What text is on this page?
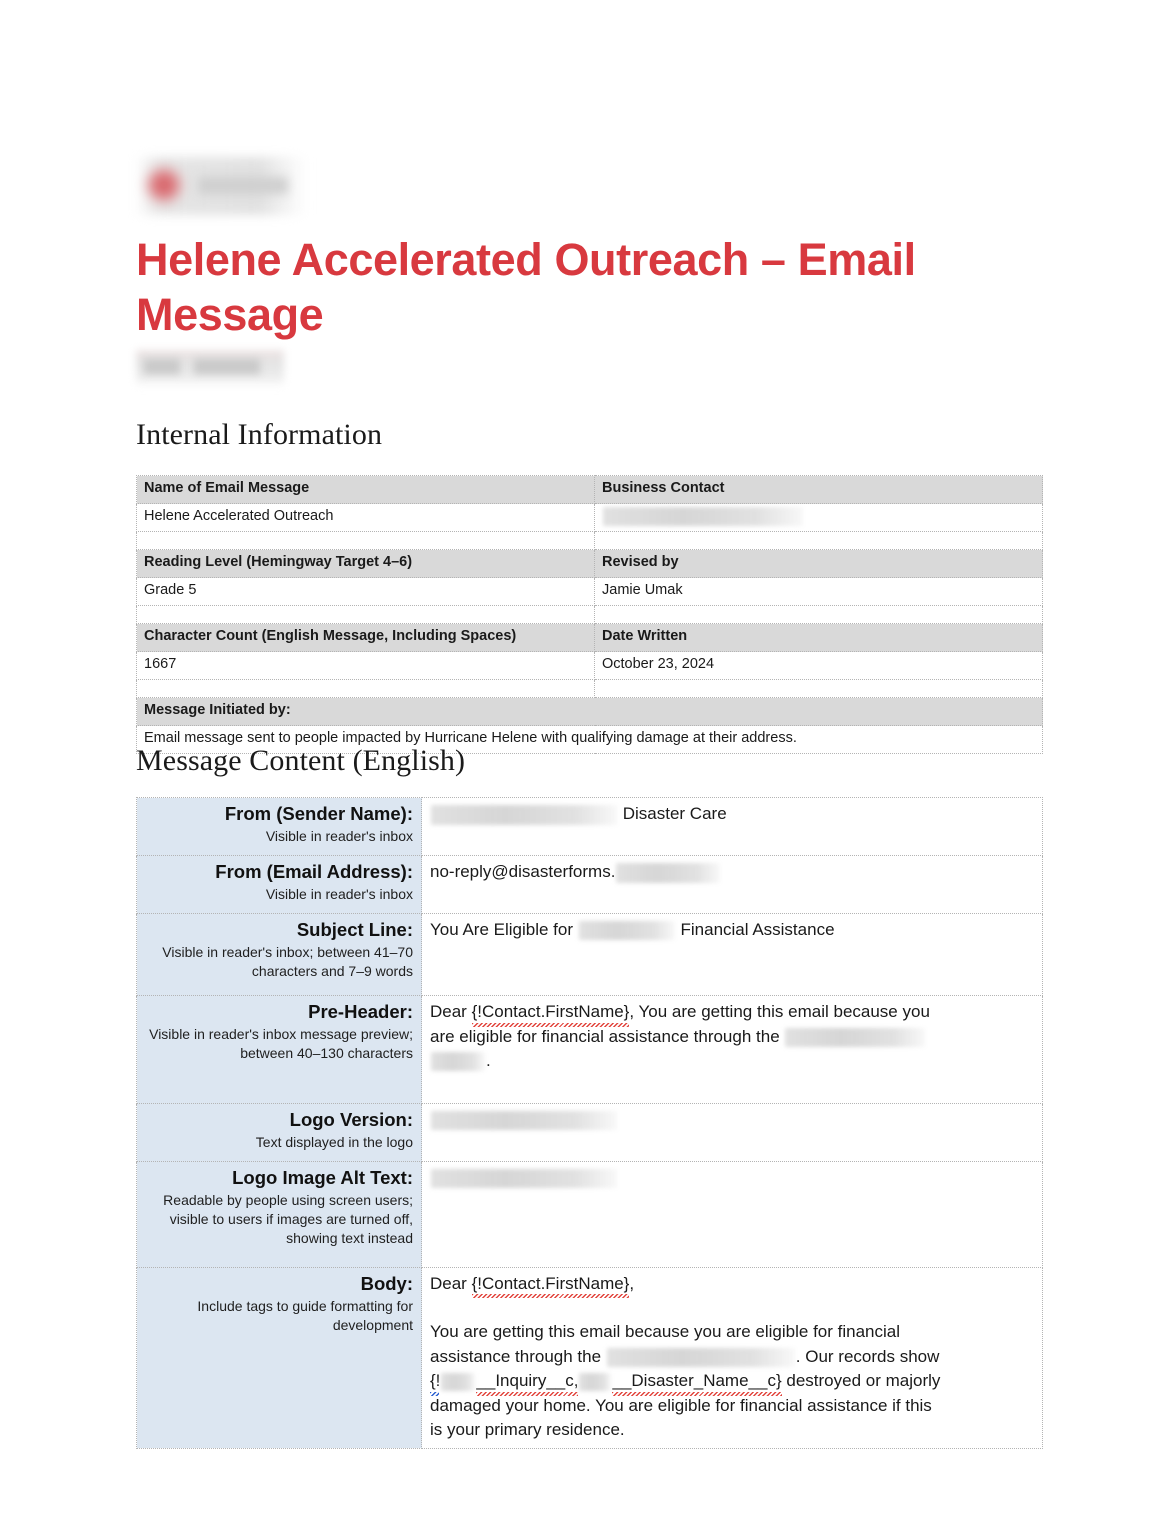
Helene Accelerated Outreach – Email Message
Internal Information
Name of Email Message	Business Contact
Helene Accelerated Outreach	

Reading Level (Hemingway Target 4–6)	Revised by
Grade 5	Jamie Umak

Character Count (English Message, Including Spaces)	Date Written
1667	October 23, 2024

Message Initiated by:	
Email message sent to people impacted by Hurricane Helene with qualifying damage at their address.	
Message Content (English)
From (Sender Name):
Visible in reader's inbox	Disaster Care

From (Email Address):
Visible in reader's inbox	no-reply@disasterforms.

Subject Line:
Visible in reader's inbox; between 41–70 characters and 7–9 words	You Are Eligible for Financial Assistance

Pre-Header:
Visible in reader's inbox message preview; between 40–130 characters	Dear {!Contact.FirstName}, You are getting this email because you
are eligible for financial assistance through the
.

Logo Version:
Text displayed in the logo	

Logo Image Alt Text:
Readable by people using screen users; visible to users if images are turned off, showing text instead	

Body:
Include tags to guide formatting for development

Dear {!Contact.FirstName},
You are getting this email because you are eligible for financial
assistance through the	. Our records show
{! __Inquiry__c, __Disaster_Name__c} destroyed or majorly
damaged your home. You are eligible for financial assistance if this
is your primary residence.
